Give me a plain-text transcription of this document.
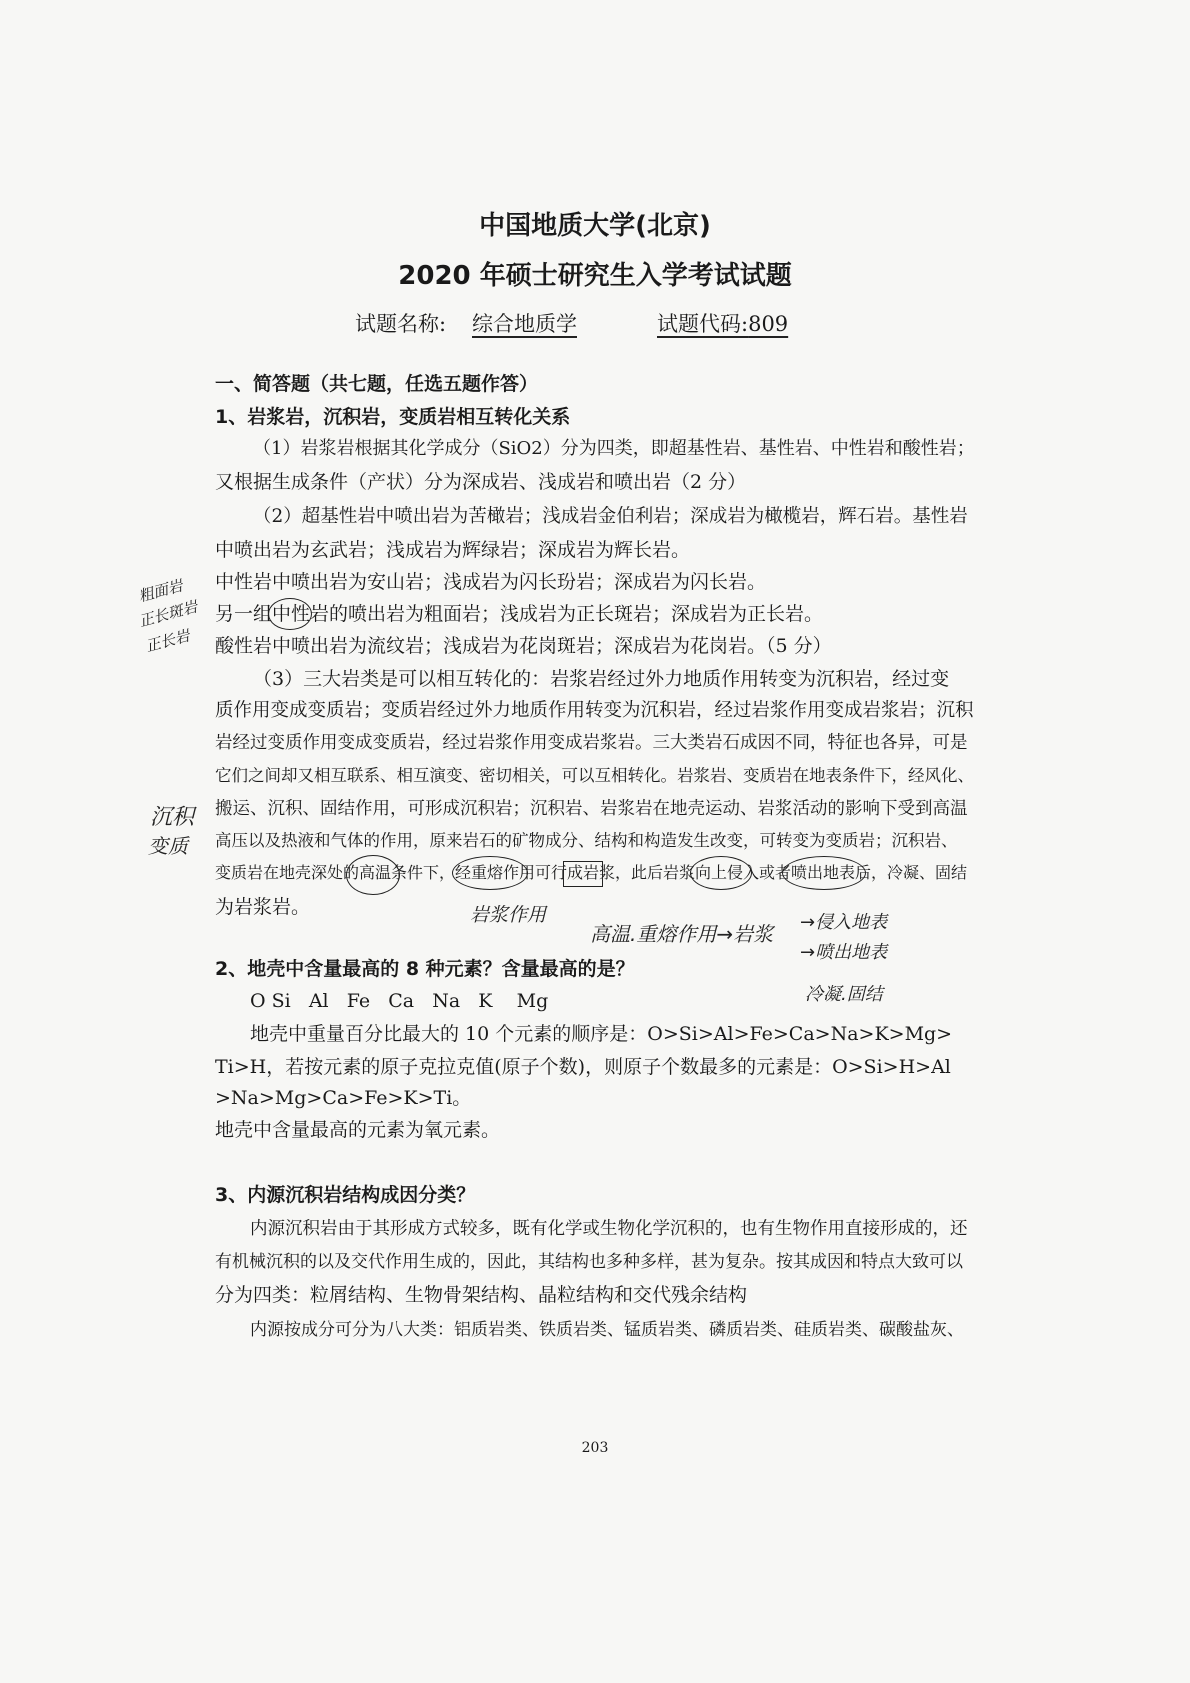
中国地质大学(北京)
2020 年硕士研究生入学考试试题
试题名称: 综合地质学	试题代码:809
一、简答题（共七题，任选五题作答）
1、岩浆岩，沉积岩，变质岩相互转化关系
（1）岩浆岩根据其化学成分（SiO2）分为四类，即超基性岩、基性岩、中性岩和酸性岩；
又根据生成条件（产状）分为深成岩、浅成岩和喷出岩（2 分）
（2）超基性岩中喷出岩为苦橄岩；浅成岩金伯利岩；深成岩为橄榄岩，辉石岩。基性岩
中喷出岩为玄武岩；浅成岩为辉绿岩；深成岩为辉长岩。
中性岩中喷出岩为安山岩；浅成岩为闪长玢岩；深成岩为闪长岩。
另一组中性岩的喷出岩为粗面岩；浅成岩为正长斑岩；深成岩为正长岩。
酸性岩中喷出岩为流纹岩；浅成岩为花岗斑岩；深成岩为花岗岩。（5 分）
（3）三大岩类是可以相互转化的：岩浆岩经过外力地质作用转变为沉积岩，经过变
质作用变成变质岩；变质岩经过外力地质作用转变为沉积岩，经过岩浆作用变成岩浆岩；沉积
岩经过变质作用变成变质岩，经过岩浆作用变成岩浆岩。三大类岩石成因不同，特征也各异，可是
它们之间却又相互联系、相互演变、密切相关，可以互相转化。岩浆岩、变质岩在地表条件下，经风化、
搬运、沉积、固结作用，可形成沉积岩；沉积岩、岩浆岩在地壳运动、岩浆活动的影响下受到高温
高压以及热液和气体的作用，原来岩石的矿物成分、结构和构造发生改变，可转变为变质岩；沉积岩、
变质岩在地壳深处的高温条件下，经重熔作用可行成岩浆，此后岩浆向上侵入或者喷出地表后，冷凝、固结
为岩浆岩。
粗面岩
正长斑岩
正长岩
沉积
变质
岩浆作用
高温.重熔作用→岩浆 →侵入地表
→喷出地表
冷凝.固结
2、地壳中含量最高的 8 种元素？含量最高的是？
O Si   Al   Fe   Ca   Na   K    Mg
地壳中重量百分比最大的 10 个元素的顺序是：O>Si>Al>Fe>Ca>Na>K>Mg>
Ti>H，若按元素的原子克拉克值(原子个数)，则原子个数最多的元素是：O>Si>H>Al
>Na>Mg>Ca>Fe>K>Ti。
地壳中含量最高的元素为氧元素。
3、内源沉积岩结构成因分类？
内源沉积岩由于其形成方式较多，既有化学或生物化学沉积的，也有生物作用直接形成的，还
有机械沉积的以及交代作用生成的，因此，其结构也多种多样，甚为复杂。按其成因和特点大致可以
分为四类：粒屑结构、生物骨架结构、晶粒结构和交代残余结构
内源按成分可分为八大类：铝质岩类、铁质岩类、锰质岩类、磷质岩类、硅质岩类、碳酸盐灰、
203
